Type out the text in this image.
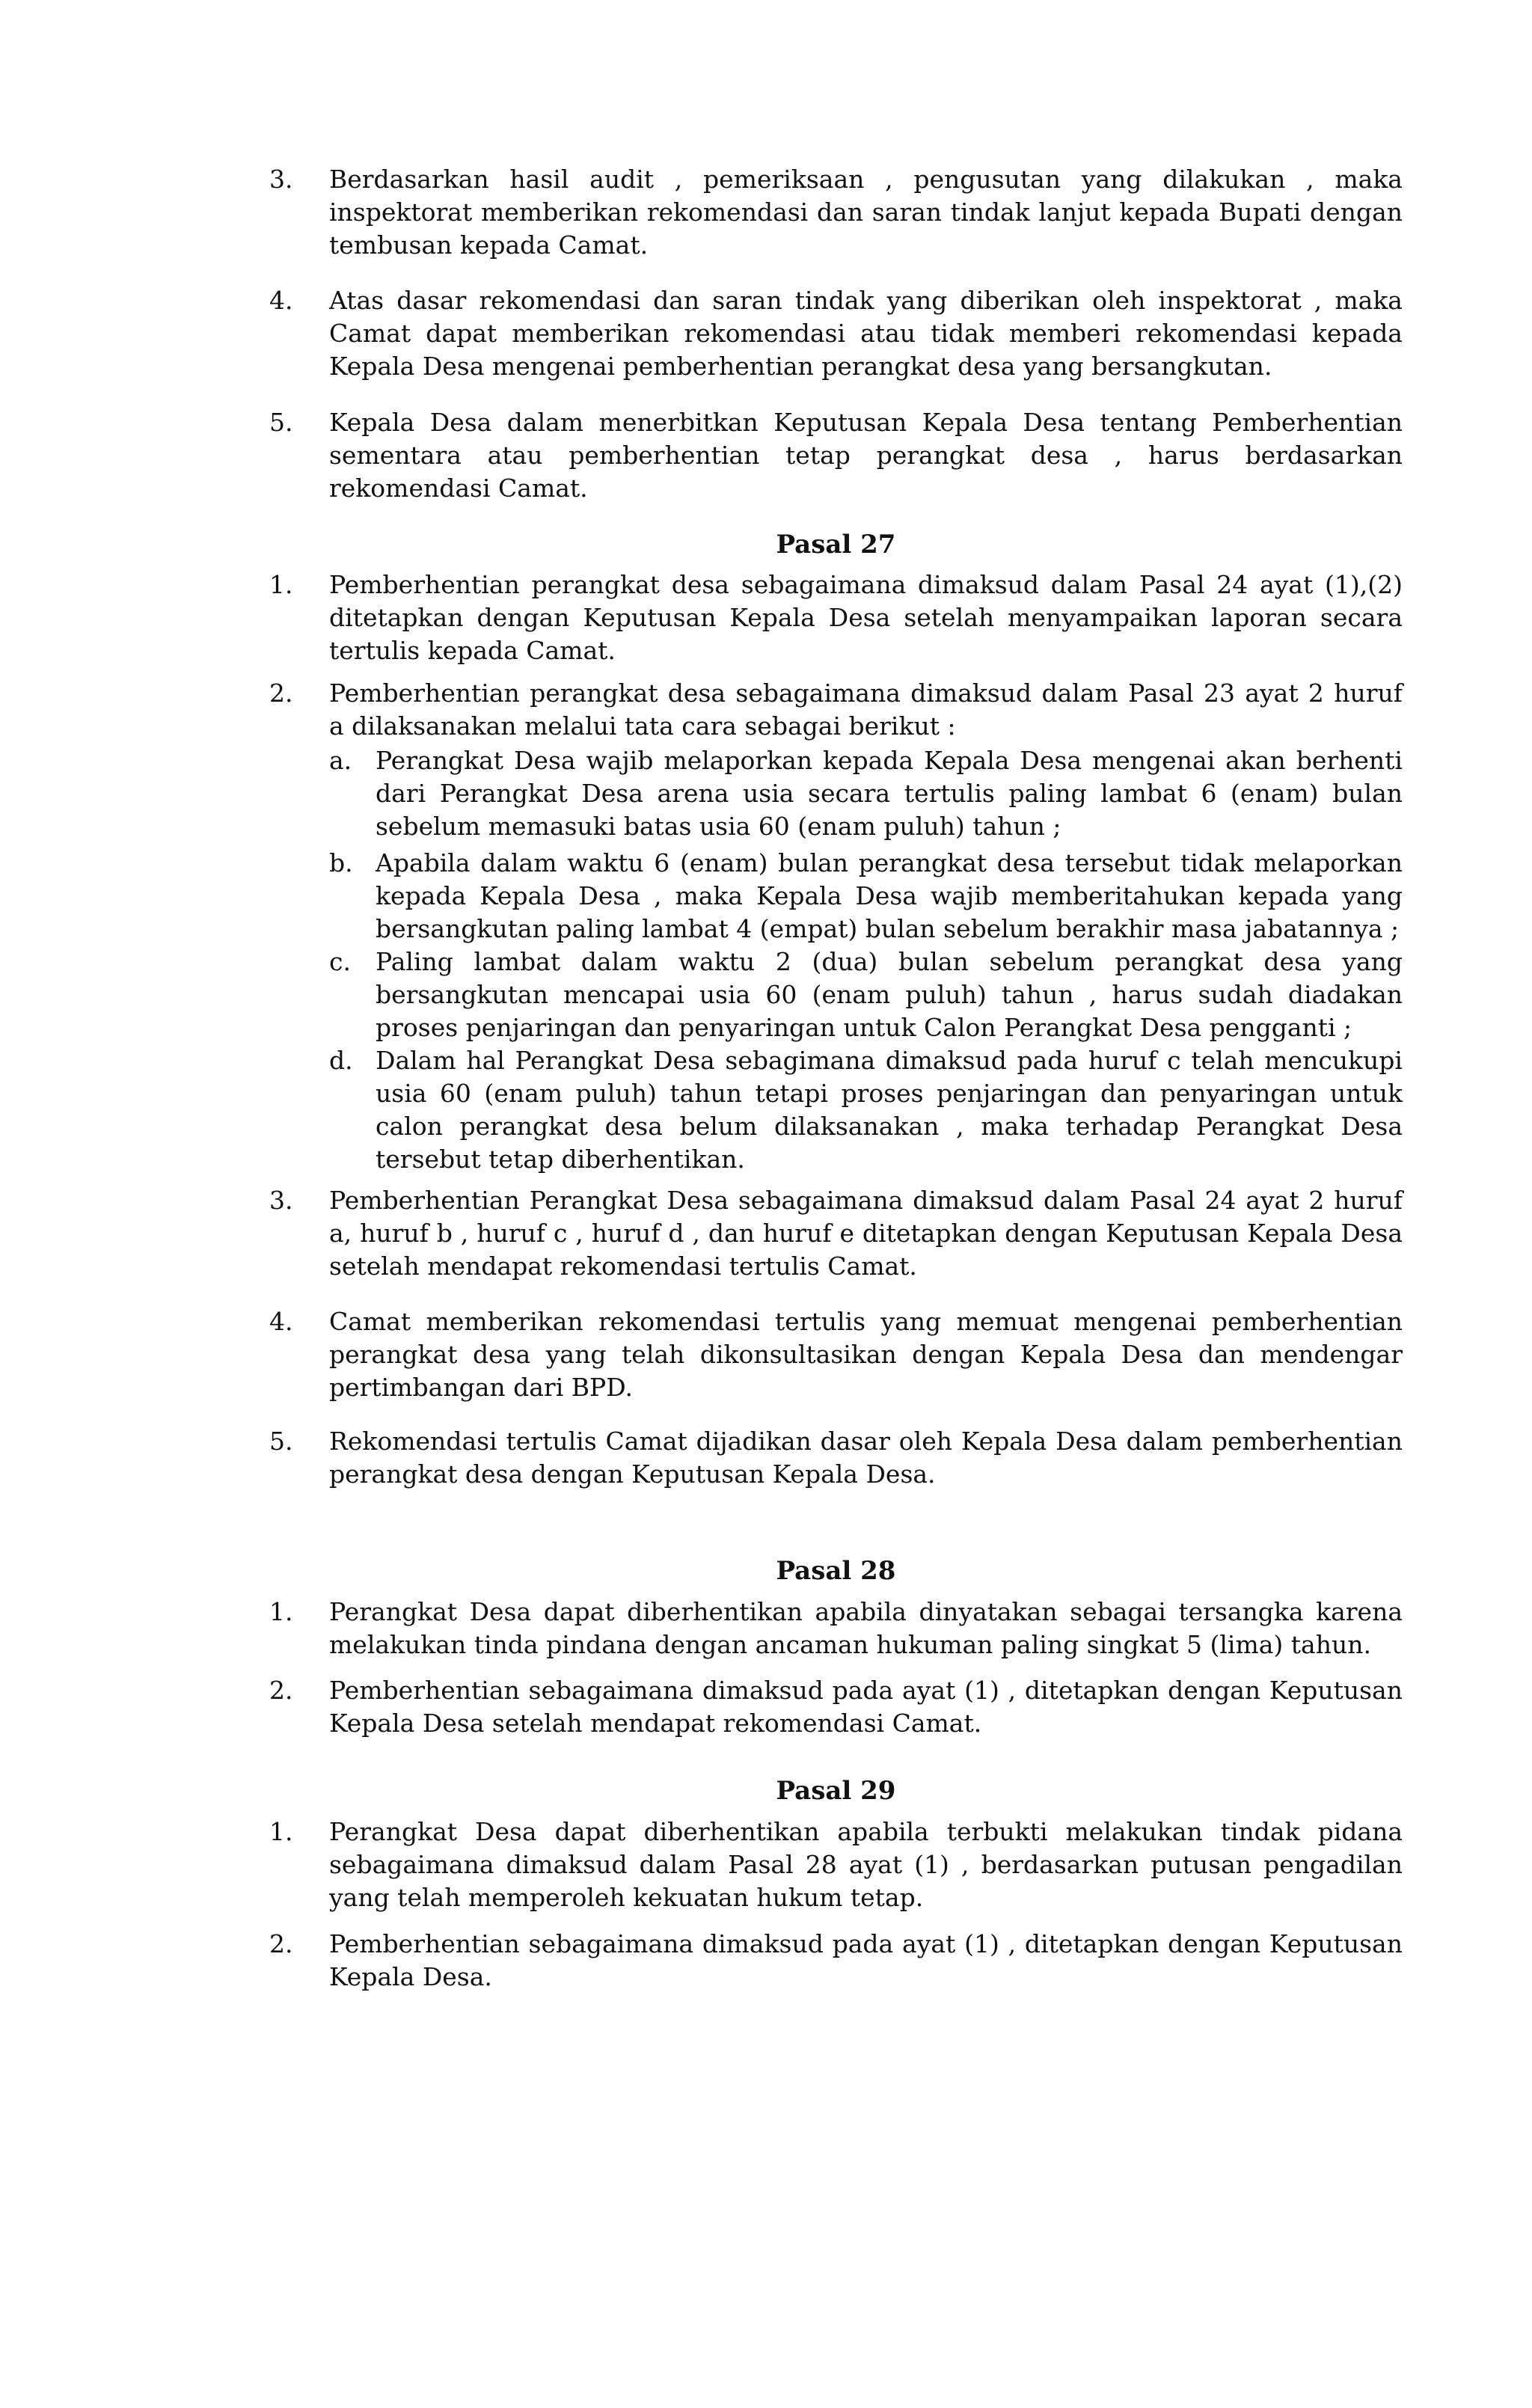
3.	Berdasarkan hasil audit , pemeriksaan , pengusutan yang dilakukan , maka inspektorat memberikan rekomendasi dan saran tindak lanjut kepada Bupati dengan tembusan kepada Camat.
4.	Atas dasar rekomendasi dan saran tindak yang diberikan oleh inspektorat , maka Camat dapat memberikan rekomendasi atau tidak memberi rekomendasi kepada Kepala Desa mengenai pemberhentian perangkat desa yang bersangkutan.
5.	Kepala Desa dalam menerbitkan Keputusan Kepala Desa tentang Pemberhentian sementara atau pemberhentian tetap perangkat desa , harus berdasarkan rekomendasi Camat.
Pasal 27
1.	Pemberhentian perangkat desa sebagaimana dimaksud dalam Pasal 24 ayat (1),(2) ditetapkan dengan Keputusan Kepala Desa setelah menyampaikan laporan secara tertulis kepada Camat.
2.	Pemberhentian perangkat desa sebagaimana dimaksud dalam Pasal 23 ayat 2 huruf a dilaksanakan melalui tata cara sebagai berikut :
a. Perangkat Desa wajib melaporkan kepada Kepala Desa mengenai akan berhenti dari Perangkat Desa arena usia secara tertulis paling lambat 6 (enam) bulan sebelum memasuki batas usia 60 (enam puluh) tahun ;
b. Apabila dalam waktu 6 (enam) bulan perangkat desa tersebut tidak melaporkan kepada Kepala Desa , maka Kepala Desa wajib memberitahukan kepada yang bersangkutan paling lambat 4 (empat) bulan sebelum berakhir masa jabatannya ;
c.	Paling lambat dalam waktu 2 (dua) bulan sebelum perangkat desa yang bersangkutan mencapai usia 60 (enam puluh) tahun , harus sudah diadakan proses penjaringan dan penyaringan untuk Calon Perangkat Desa pengganti ;
d. Dalam hal Perangkat Desa sebagimana dimaksud pada huruf c telah mencukupi usia 60 (enam puluh) tahun tetapi proses penjaringan dan penyaringan untuk calon perangkat desa belum dilaksanakan , maka terhadap Perangkat Desa tersebut tetap diberhentikan.
3.	Pemberhentian Perangkat Desa sebagaimana dimaksud dalam Pasal 24 ayat 2 huruf a, huruf b , huruf c , huruf d , dan huruf e ditetapkan dengan Keputusan Kepala Desa setelah mendapat rekomendasi tertulis Camat.
4.	Camat memberikan rekomendasi tertulis yang memuat mengenai pemberhentian perangkat desa yang telah dikonsultasikan dengan Kepala Desa dan mendengar pertimbangan dari BPD.
5.	Rekomendasi tertulis Camat dijadikan dasar oleh Kepala Desa dalam pemberhentian perangkat desa dengan Keputusan Kepala Desa.
Pasal 28
1.	Perangkat Desa dapat diberhentikan apabila dinyatakan sebagai tersangka karena melakukan tinda pindana dengan ancaman hukuman paling singkat 5 (lima) tahun.
2.	Pemberhentian sebagaimana dimaksud pada ayat (1) , ditetapkan dengan Keputusan Kepala Desa setelah mendapat rekomendasi Camat.
Pasal 29
1.	Perangkat Desa dapat diberhentikan apabila terbukti melakukan tindak pidana sebagaimana dimaksud dalam Pasal 28 ayat (1) , berdasarkan putusan pengadilan yang telah memperoleh kekuatan hukum tetap.
2.	Pemberhentian sebagaimana dimaksud pada ayat (1) , ditetapkan dengan Keputusan Kepala Desa.
